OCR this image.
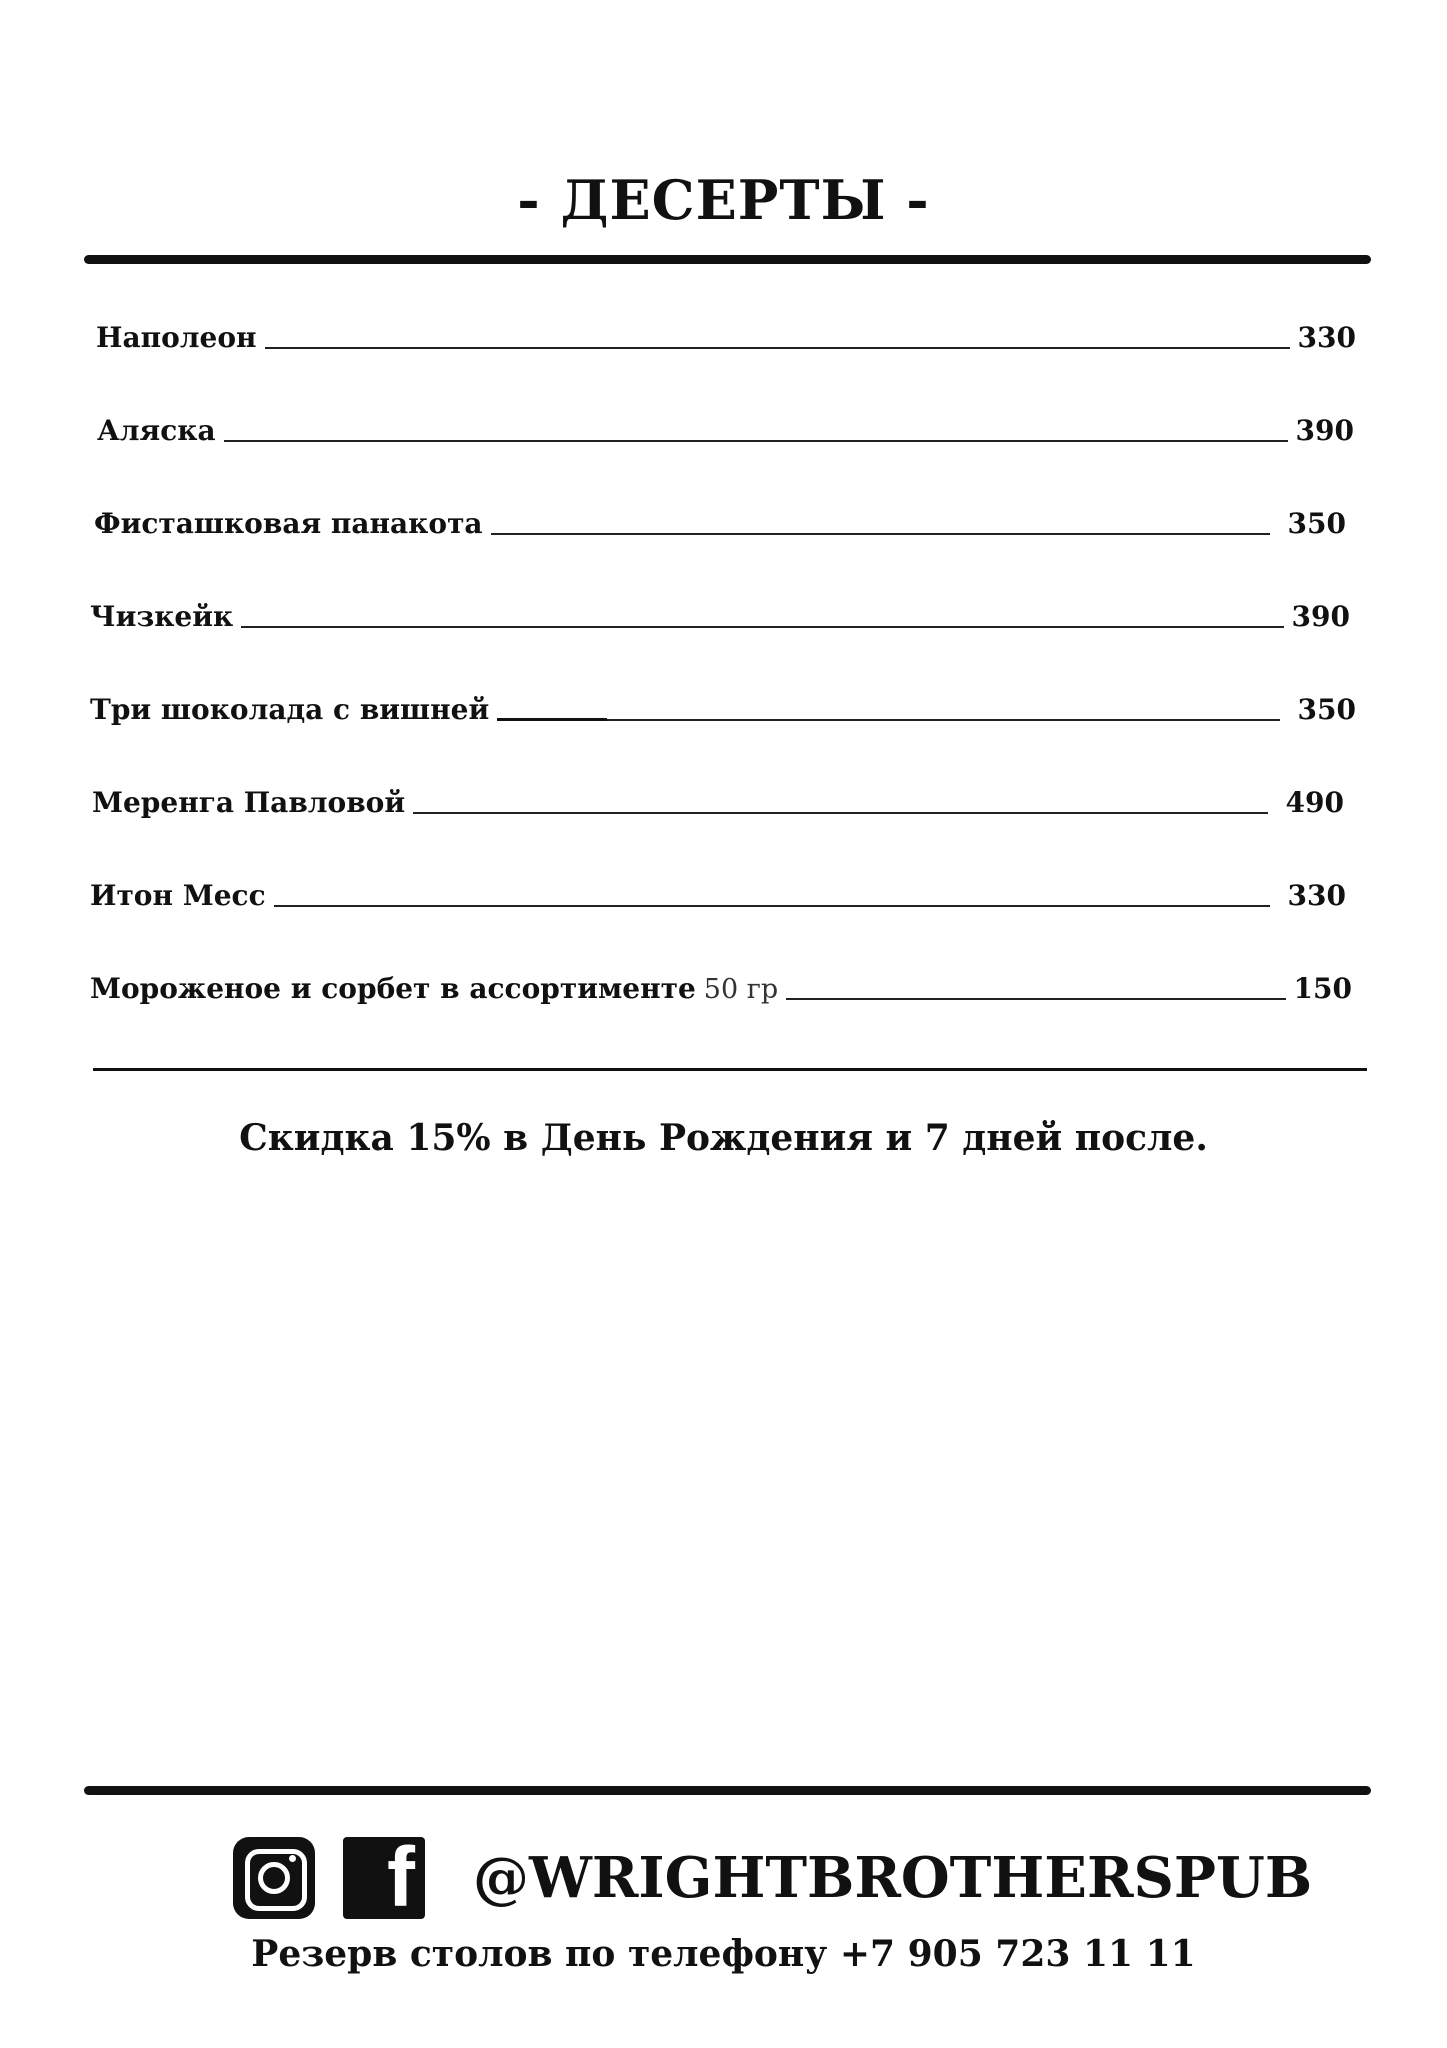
- ДЕСЕРТЫ -
Наполеон	330
Аляска	390
Фисташковая панакота	350
Чизкейк	390
Три шоколада с вишней	350
Меренга Павловой	490
Итон Месс	330
Мороженое и сорбет в ассортименте 50 гр	150
Скидка 15% в День Рождения и 7 дней после.
f @WRIGHTBROTHERSPUB
Резерв столов по телефону +7 905 723 11 11
